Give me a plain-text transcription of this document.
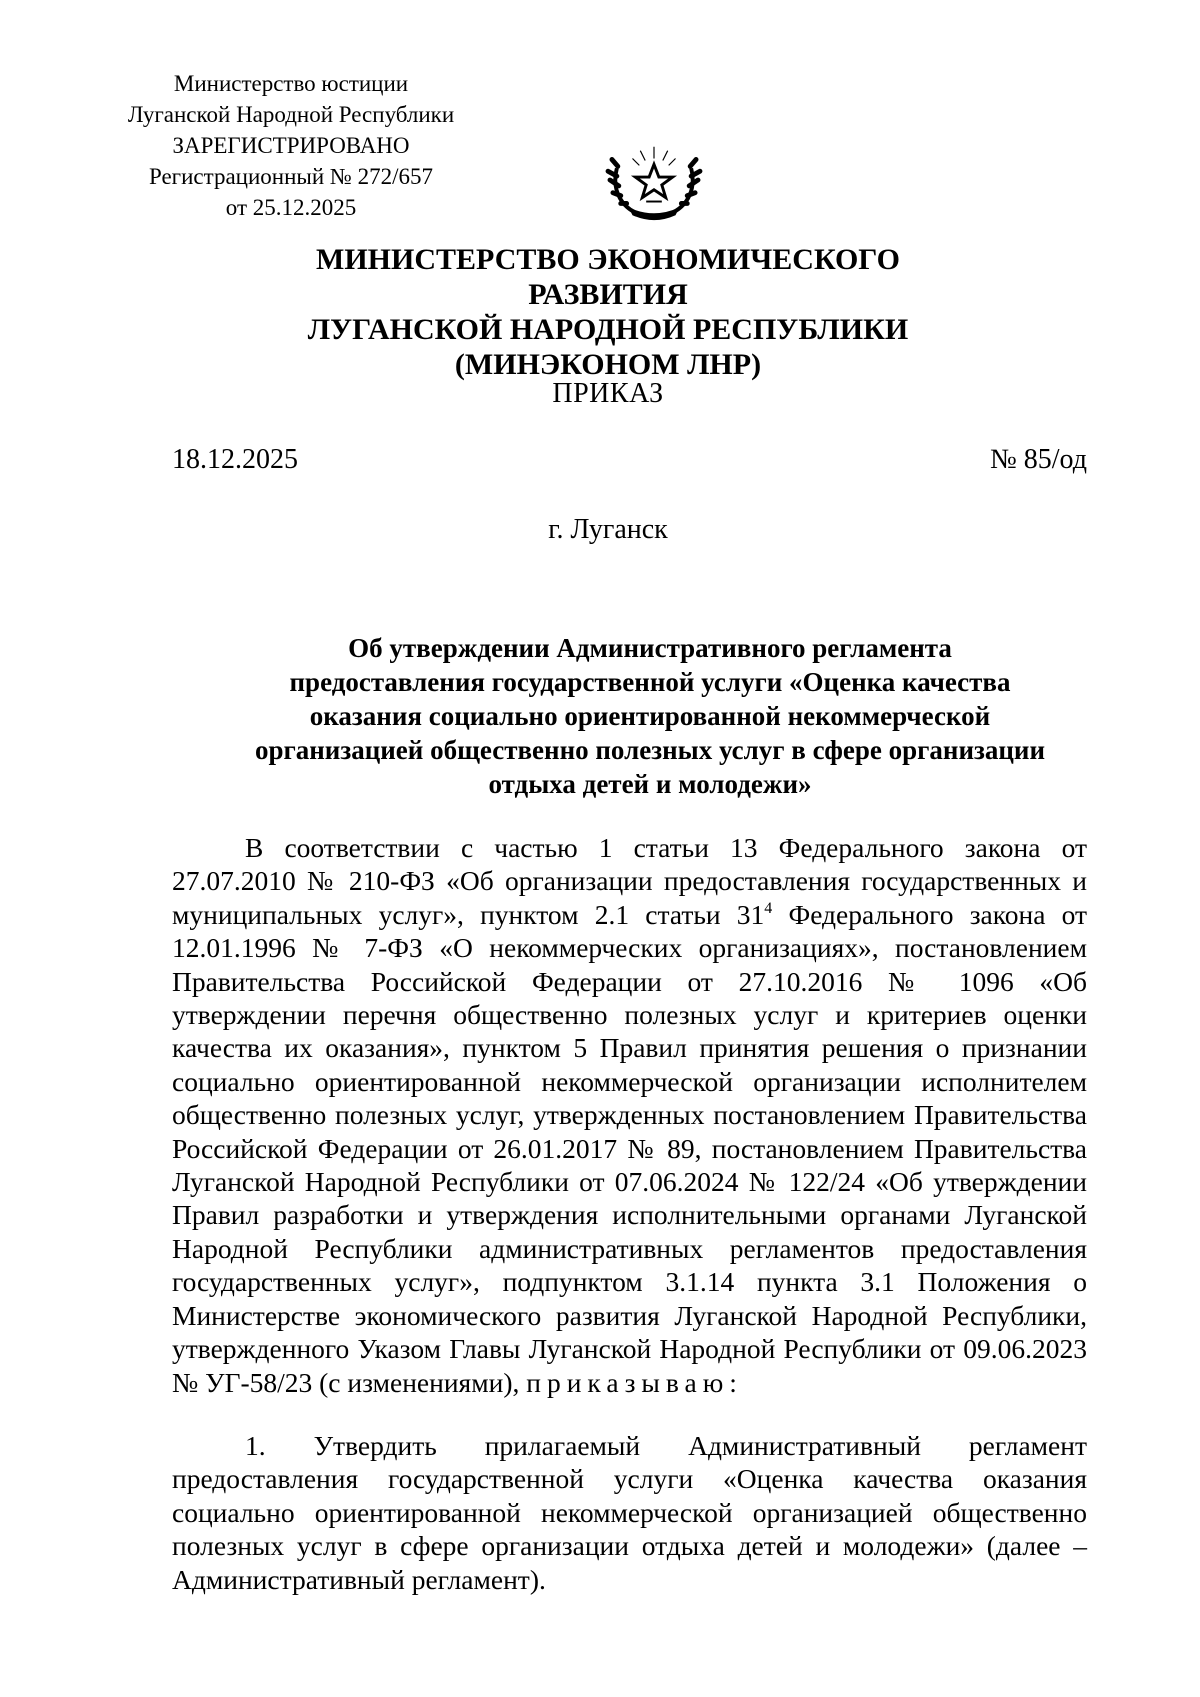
Министерство юстиции
Луганской Народной Республики
ЗАРЕГИСТРИРОВАНО
Регистрационный № 272/657
от 25.12.2025
МИНИСТЕРСТВО ЭКОНОМИЧЕСКОГО РАЗВИТИЯ
ЛУГАНСКОЙ НАРОДНОЙ РЕСПУБЛИКИ
(МИНЭКОНОМ ЛНР)
ПРИКАЗ
18.12.2025	№ 85/од
г. Луганск
Об утверждении Административного регламента
предоставления государственной услуги «Оценка качества
оказания социально ориентированной некоммерческой
организацией общественно полезных услуг в сфере организации
отдыха детей и молодежи»

В соответствии с частью 1 статьи 13 Федерального закона от 27.07.2010 № 210-ФЗ «Об организации предоставления государственных и муниципальных услуг», пунктом 2.1 статьи $31^4$ Федерального закона от 12.01.1996 № 7-ФЗ «О некоммерческих организациях», постановлением Правительства Российской Федерации от 27.10.2016 № 1096 «Об утверждении перечня общественно полезных услуг и критериев оценки качества их оказания», пунктом 5 Правил принятия решения о признании социально ориентированной некоммерческой организации исполнителем общественно полезных услуг, утвержденных постановлением Правительства Российской Федерации от 26.01.2017 № 89, постановлением Правительства Луганской Народной Республики от 07.06.2024 № 122/24 «Об утверждении Правил разработки и утверждения исполнительными органами Луганской Народной Республики административных регламентов предоставления государственных услуг», подпунктом 3.1.14 пункта 3.1 Положения о Министерстве экономического развития Луганской Народной Республики, утвержденного Указом Главы Луганской Народной Республики от 09.06.2023 № УГ-58/23 (с изменениями), приказываю:

1. Утвердить прилагаемый Административный регламент предоставления государственной услуги «Оценка качества оказания социально ориентированной некоммерческой организацией общественно полезных услуг в сфере организации отдыха детей и молодежи» (далее – Административный регламент).
